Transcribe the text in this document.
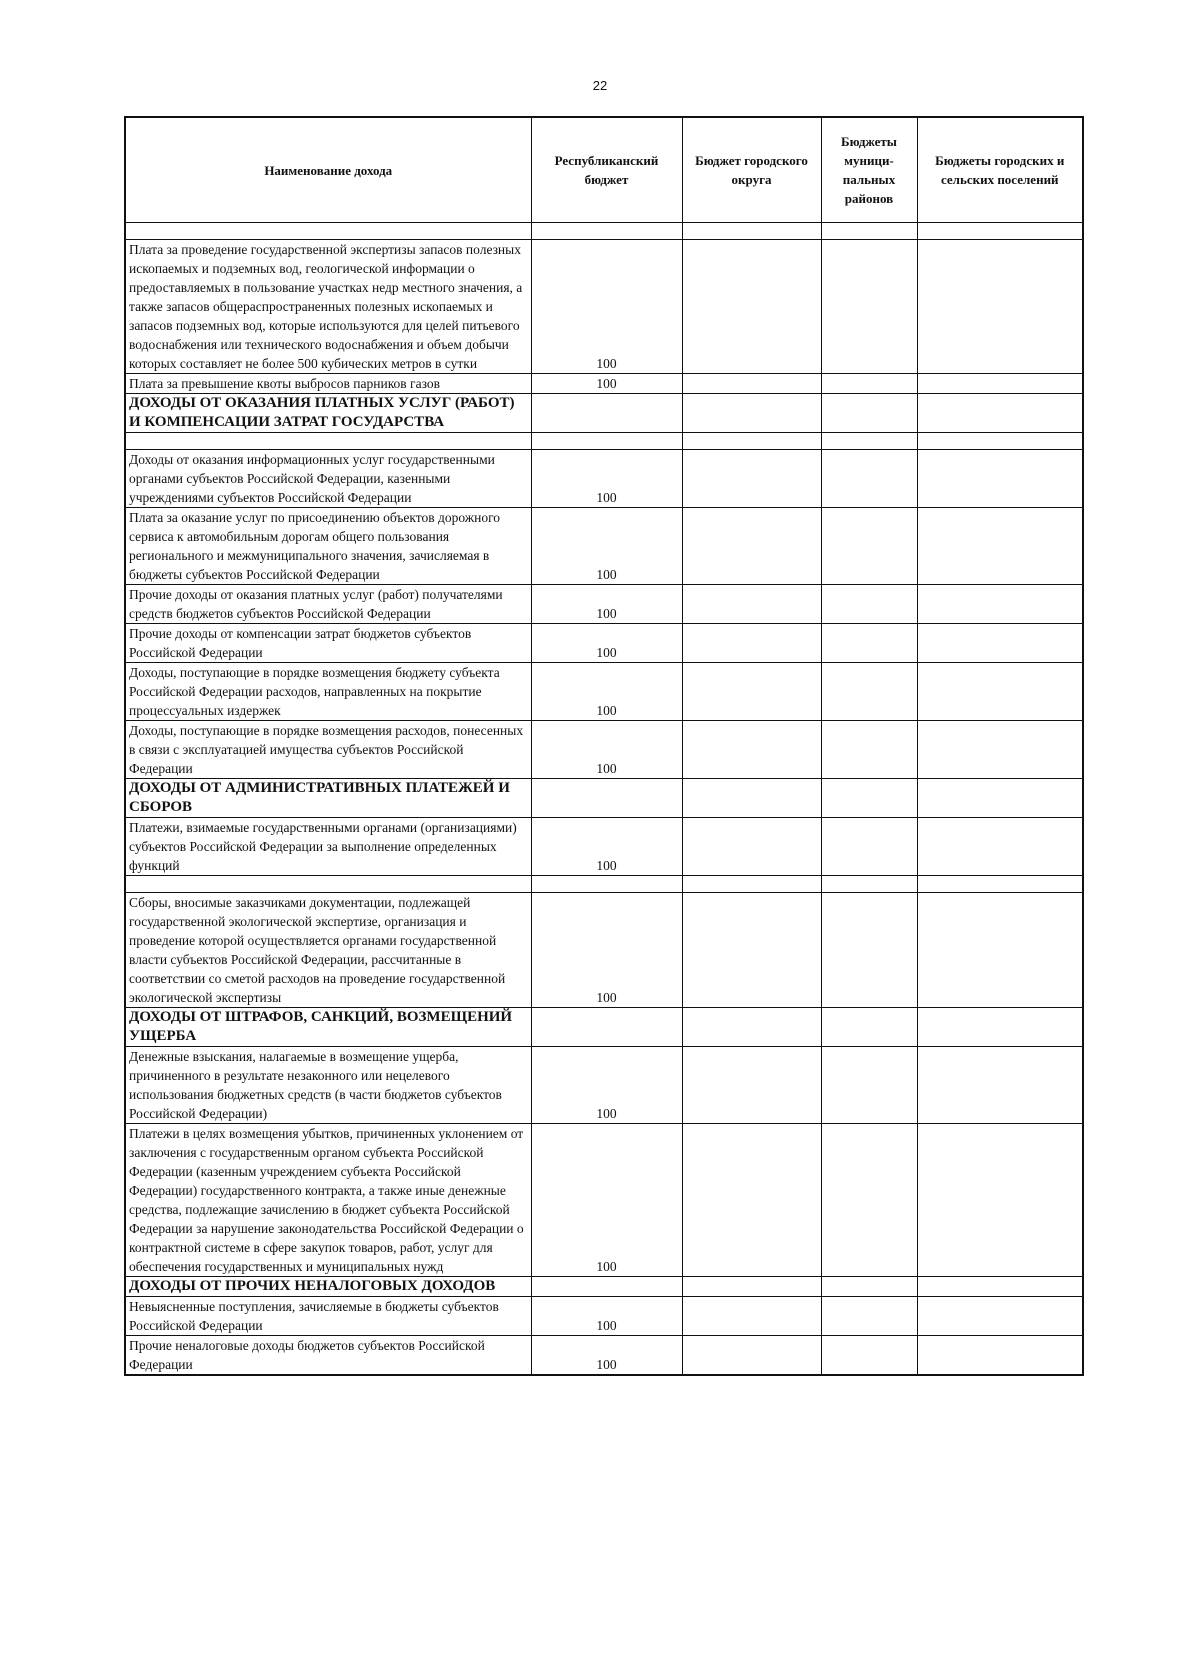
22
Наименование дохода	Республиканский бюджет	Бюджет городского округа	Бюджеты муници-пальных районов	Бюджеты городских и сельских поселений

Плата за проведение государственной экспертизы запасов полезных ископаемых и подземных вод, геологической информации о предоставляемых в пользование участках недр местного значения, а также запасов общераспространенных полезных ископаемых и запасов подземных вод, которые используются для целей питьевого водоснабжения или технического водоснабжения и объем добычи которых составляет не более 500 кубических метров в сутки	100			
Плата за превышение квоты выбросов парников газов	100			
ДОХОДЫ ОТ ОКАЗАНИЯ ПЛАТНЫХ УСЛУГ (РАБОТ) И КОМПЕНСАЦИИ ЗАТРАТ ГОСУДАРСТВА				

Доходы от оказания информационных услуг государственными органами субъектов Российской Федерации, казенными учреждениями субъектов Российской Федерации	100			
Плата за оказание услуг по присоединению объектов дорожного сервиса к автомобильным дорогам общего пользования регионального и межмуниципального значения, зачисляемая в бюджеты субъектов Российской Федерации	100			
Прочие доходы от оказания платных услуг (работ) получателями средств бюджетов субъектов Российской Федерации	100			
Прочие доходы от компенсации затрат бюджетов субъектов Российской Федерации	100			
Доходы, поступающие в порядке возмещения бюджету субъекта Российской Федерации расходов, направленных на покрытие процессуальных издержек	100			
Доходы, поступающие в порядке возмещения расходов, понесенных в связи с эксплуатацией имущества субъектов Российской Федерации	100			
ДОХОДЫ ОТ АДМИНИСТРАТИВНЫХ ПЛАТЕЖЕЙ И СБОРОВ				
Платежи, взимаемые государственными органами (организациями) субъектов Российской Федерации за выполнение определенных функций	100			

Сборы, вносимые заказчиками документации, подлежащей государственной экологической экспертизе, организация и проведение которой осуществляется органами государственной власти субъектов Российской Федерации, рассчитанные в соответствии со сметой расходов на проведение государственной экологической экспертизы	100			
ДОХОДЫ ОТ ШТРАФОВ, САНКЦИЙ, ВОЗМЕЩЕНИЙ УЩЕРБА				
Денежные взыскания, налагаемые в возмещение ущерба, причиненного в результате незаконного или нецелевого использования бюджетных средств (в части бюджетов субъектов Российской Федерации)	100			
Платежи в целях возмещения убытков, причиненных уклонением от заключения с государственным органом субъекта Российской Федерации (казенным учреждением субъекта Российской Федерации) государственного контракта, а также иные денежные средства, подлежащие зачислению в бюджет субъекта Российской Федерации за нарушение законодательства Российской Федерации о контрактной системе в сфере закупок товаров, работ, услуг для обеспечения государственных и муниципальных нужд	100			
ДОХОДЫ ОТ ПРОЧИХ НЕНАЛОГОВЫХ ДОХОДОВ				
Невыясненные поступления, зачисляемые в бюджеты субъектов Российской Федерации	100			
Прочие неналоговые доходы бюджетов субъектов Российской Федерации	100			
